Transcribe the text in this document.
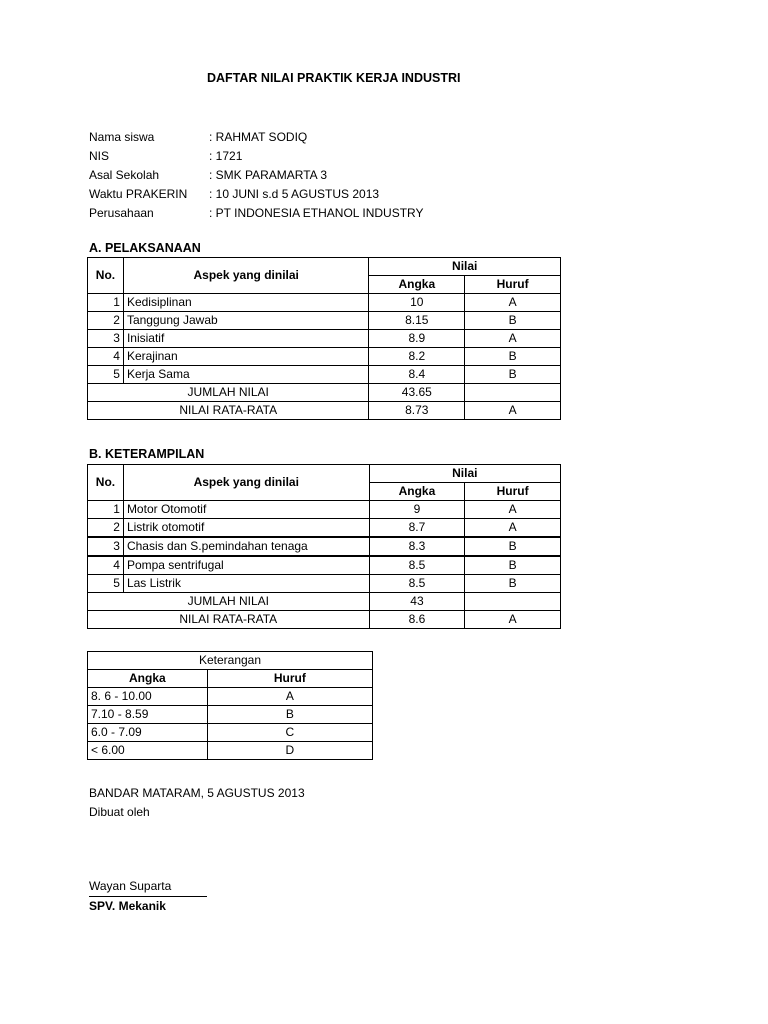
DAFTAR NILAI PRAKTIK KERJA INDUSTRI
Nama siswa	: RAHMAT SODIQ
NIS	: 1721
Asal Sekolah	: SMK PARAMARTA 3
Waktu PRAKERIN	: 10 JUNI s.d 5 AGUSTUS 2013
Perusahaan	: PT INDONESIA ETHANOL INDUSTRY
A. PELAKSANAAN
No.	Aspek yang dinilai	Nilai	
		Angka	Huruf
1	Kedisiplinan	10	A
2	Tanggung Jawab	8.15	B
3	Inisiatif	8.9	A
4	Kerajinan	8.2	B
5	Kerja Sama	8.4	B
JUMLAH NILAI		43.65	
NILAI RATA-RATA		8.73	A
B. KETERAMPILAN
No.	Aspek yang dinilai	Nilai	
		Angka	Huruf
1	Motor Otomotif	9	A
2	Listrik otomotif	8.7	A
3	Chasis dan S.pemindahan tenaga	8.3	B
4	Pompa sentrifugal	8.5	B
5	Las Listrik	8.5	B
JUMLAH NILAI		43	
NILAI RATA-RATA		8.6	A
Keterangan	
Angka	Huruf
8. 6 - 10.00	A
7.10 - 8.59	B
6.0 - 7.09	C
< 6.00	D
BANDAR MATARAM, 5 AGUSTUS 2013
Dibuat oleh
Wayan Suparta
SPV. Mekanik
